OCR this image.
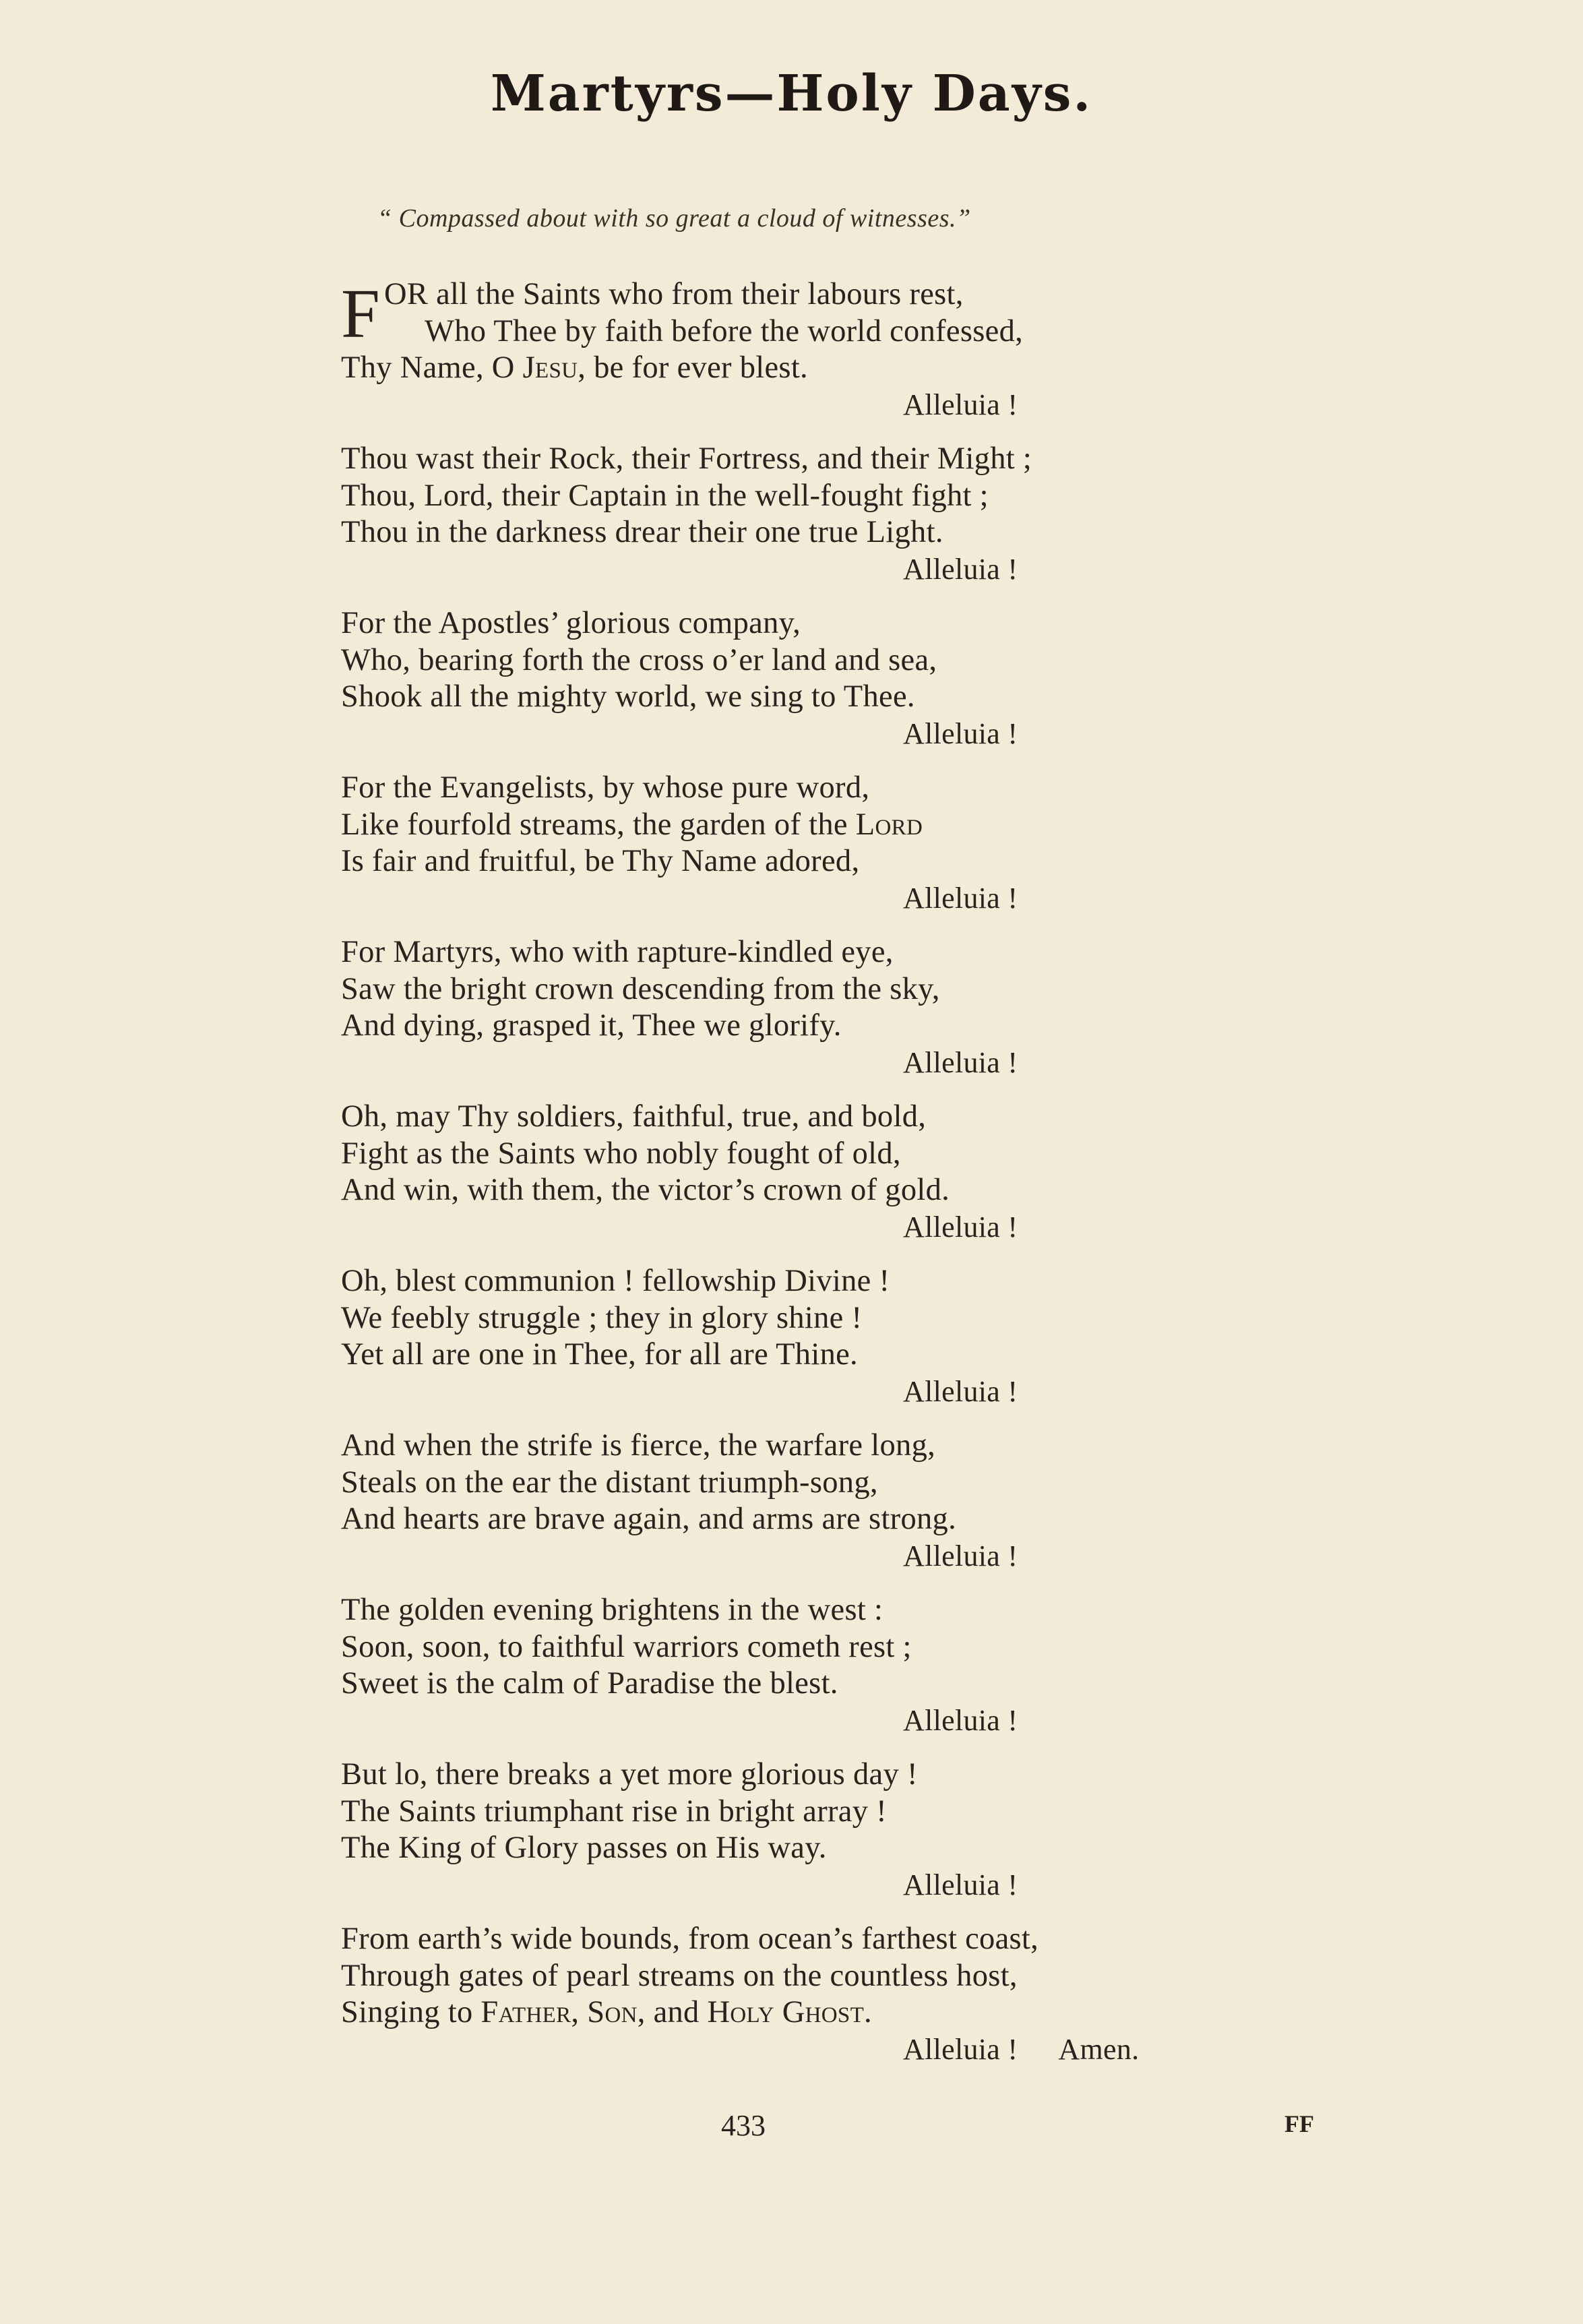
Martyrs—Holy Days.
“ Compassed about with so great a cloud of witnesses.”
F OR all the Saints who from their labours rest,
Who Thee by faith before the world confessed,
Thy Name, O Jesu, be for ever blest.
Alleluia !
Thou wast their Rock, their Fortress, and their Might ;
Thou, Lord, their Captain in the well-fought fight ;
Thou in the darkness drear their one true Light.
Alleluia !
For the Apostles’ glorious company,
Who, bearing forth the cross o’er land and sea,
Shook all the mighty world, we sing to Thee.
Alleluia !
For the Evangelists, by whose pure word,
Like fourfold streams, the garden of the Lord
Is fair and fruitful, be Thy Name adored,
Alleluia !
For Martyrs, who with rapture-kindled eye,
Saw the bright crown descending from the sky,
And dying, grasped it, Thee we glorify.
Alleluia !
Oh, may Thy soldiers, faithful, true, and bold,
Fight as the Saints who nobly fought of old,
And win, with them, the victor’s crown of gold.
Alleluia !
Oh, blest communion ! fellowship Divine !
We feebly struggle ; they in glory shine !
Yet all are one in Thee, for all are Thine.
Alleluia !
And when the strife is fierce, the warfare long,
Steals on the ear the distant triumph-song,
And hearts are brave again, and arms are strong.
Alleluia !
The golden evening brightens in the west :
Soon, soon, to faithful warriors cometh rest ;
Sweet is the calm of Paradise the blest.
Alleluia !
But lo, there breaks a yet more glorious day !
The Saints triumphant rise in bright array !
The King of Glory passes on His way.
Alleluia !
From earth’s wide bounds, from ocean’s farthest coast,
Through gates of pearl streams on the countless host,
Singing to Father, Son, and Holy Ghost.
Alleluia ! Amen.
433	FF
